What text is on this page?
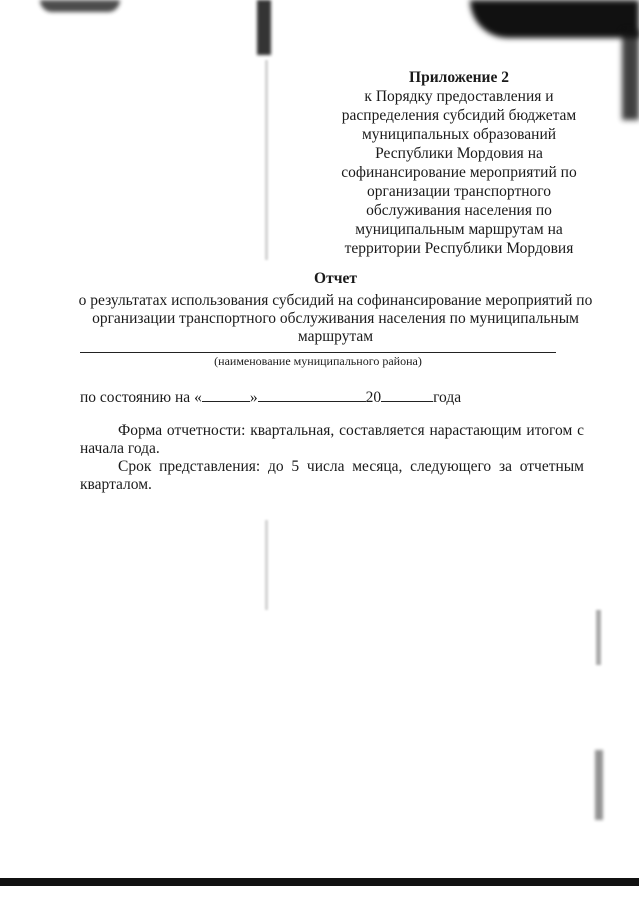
Приложение 2
к Порядку предоставления и
распределения субсидий бюджетам
муниципальных образований
Республики Мордовия на
софинансирование мероприятий по
организации транспортного
обслуживания населения по
муниципальным маршрутам на
территории Республики Мордовия
Отчет
о результатах использования субсидий на софинансирование мероприятий по
организации транспортного обслуживания населения по муниципальным
маршрутам
(наименование муниципального района)
по состоянию на «	»	20	года
Форма отчетности: квартальная, составляется нарастающим итогом с начала года.
Срок представления: до 5 числа месяца, следующего за отчетным кварталом.
